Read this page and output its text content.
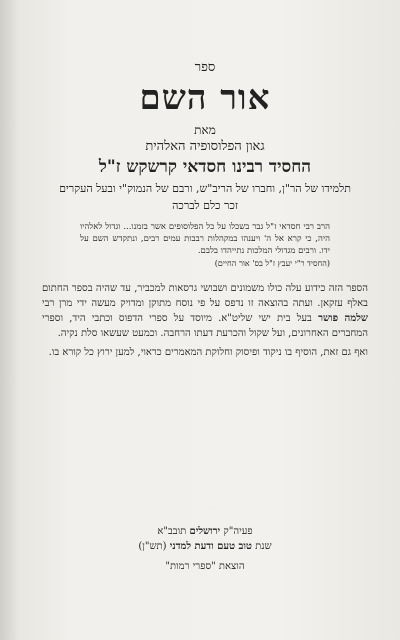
ספר

אור השם

מאת

גאון הפלוסופיה האלהית

החסיד רבינו חסדאי קרשקש ז"ל

תלמידו של הר"ן, וחברו של הריב"ש, ורבם של הנמוק"י ובעל העקרים

זכר כלם לברכה

הרב רבי חסדאי ז"ל גבר בשכלו על כל הפלוסופים אשר בזמנו... וגדול לאלהיו היה, כי קרא אל ה' ויענהו במקהלות רבבות עמים רבים, ונתקדש השם על ידו. ורבים מגדולי המלכות נתייהדו בלבם.

(החסיד ר"י יעבץ ז"ל בס' אור החיים)

הספר הזה כידוע עלה כולו משמונים ושבושי גרסאות למכביר, עד שהיה בספר החתום באלף עזקאן. ועתה בהוצאה זו נדפס על פי נוסח מתוקן ומדויק מעשה ידי מרן רבי שלמה פושר בעל בית ישי שליט"א. מיוסד על ספרי הדפוס וכתבי היד, וספרי המחברים האחרונים, ועל שקול והכרעת דעתו הרחבה. וכמעט שעשאו סלת נקיה.

ואף גם זאת, הוסיף בו ניקוד ופיסוק וחלוקת המאמרים כראוי, למען ירוץ כל קורא בו.

פעיה"ק ירושלים תובב"א

שנת טוב טעם ודעת למדני (תש"ן)

הוצאת "ספרי רמות"
